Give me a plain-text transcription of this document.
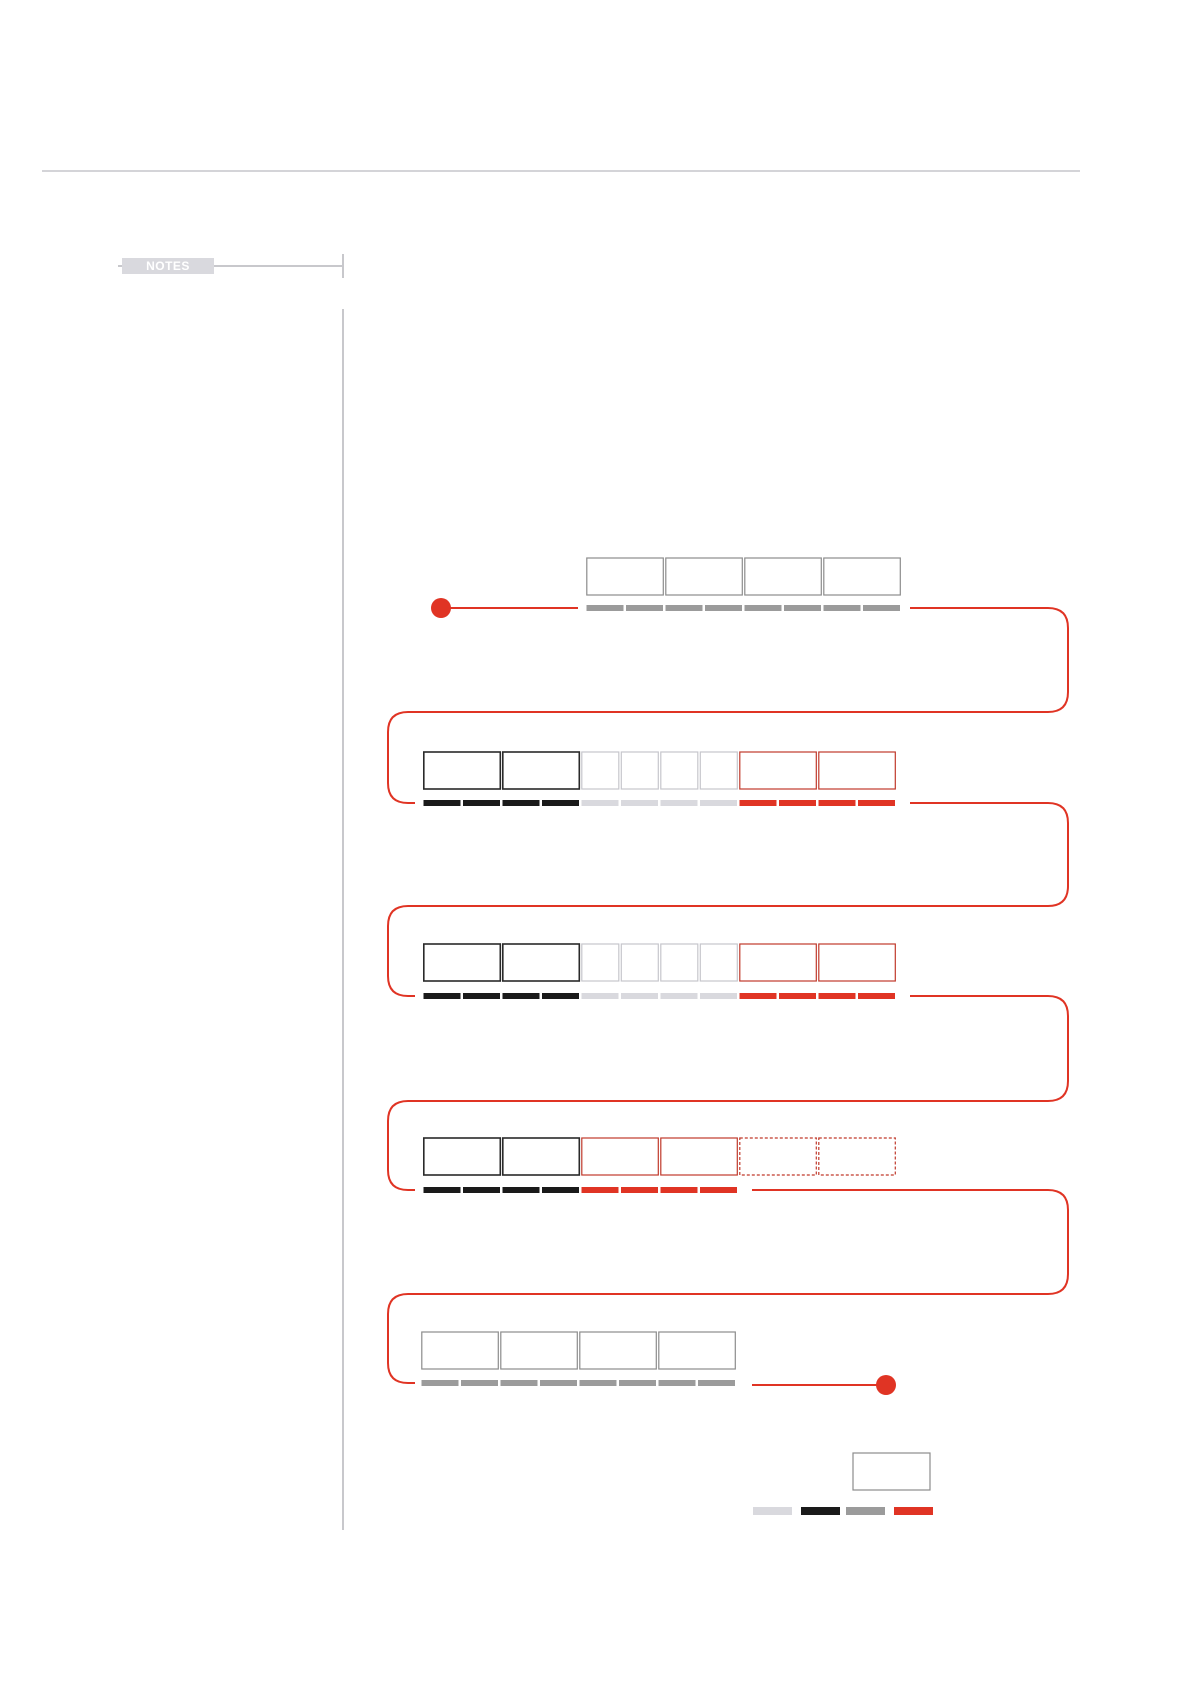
NOTES
